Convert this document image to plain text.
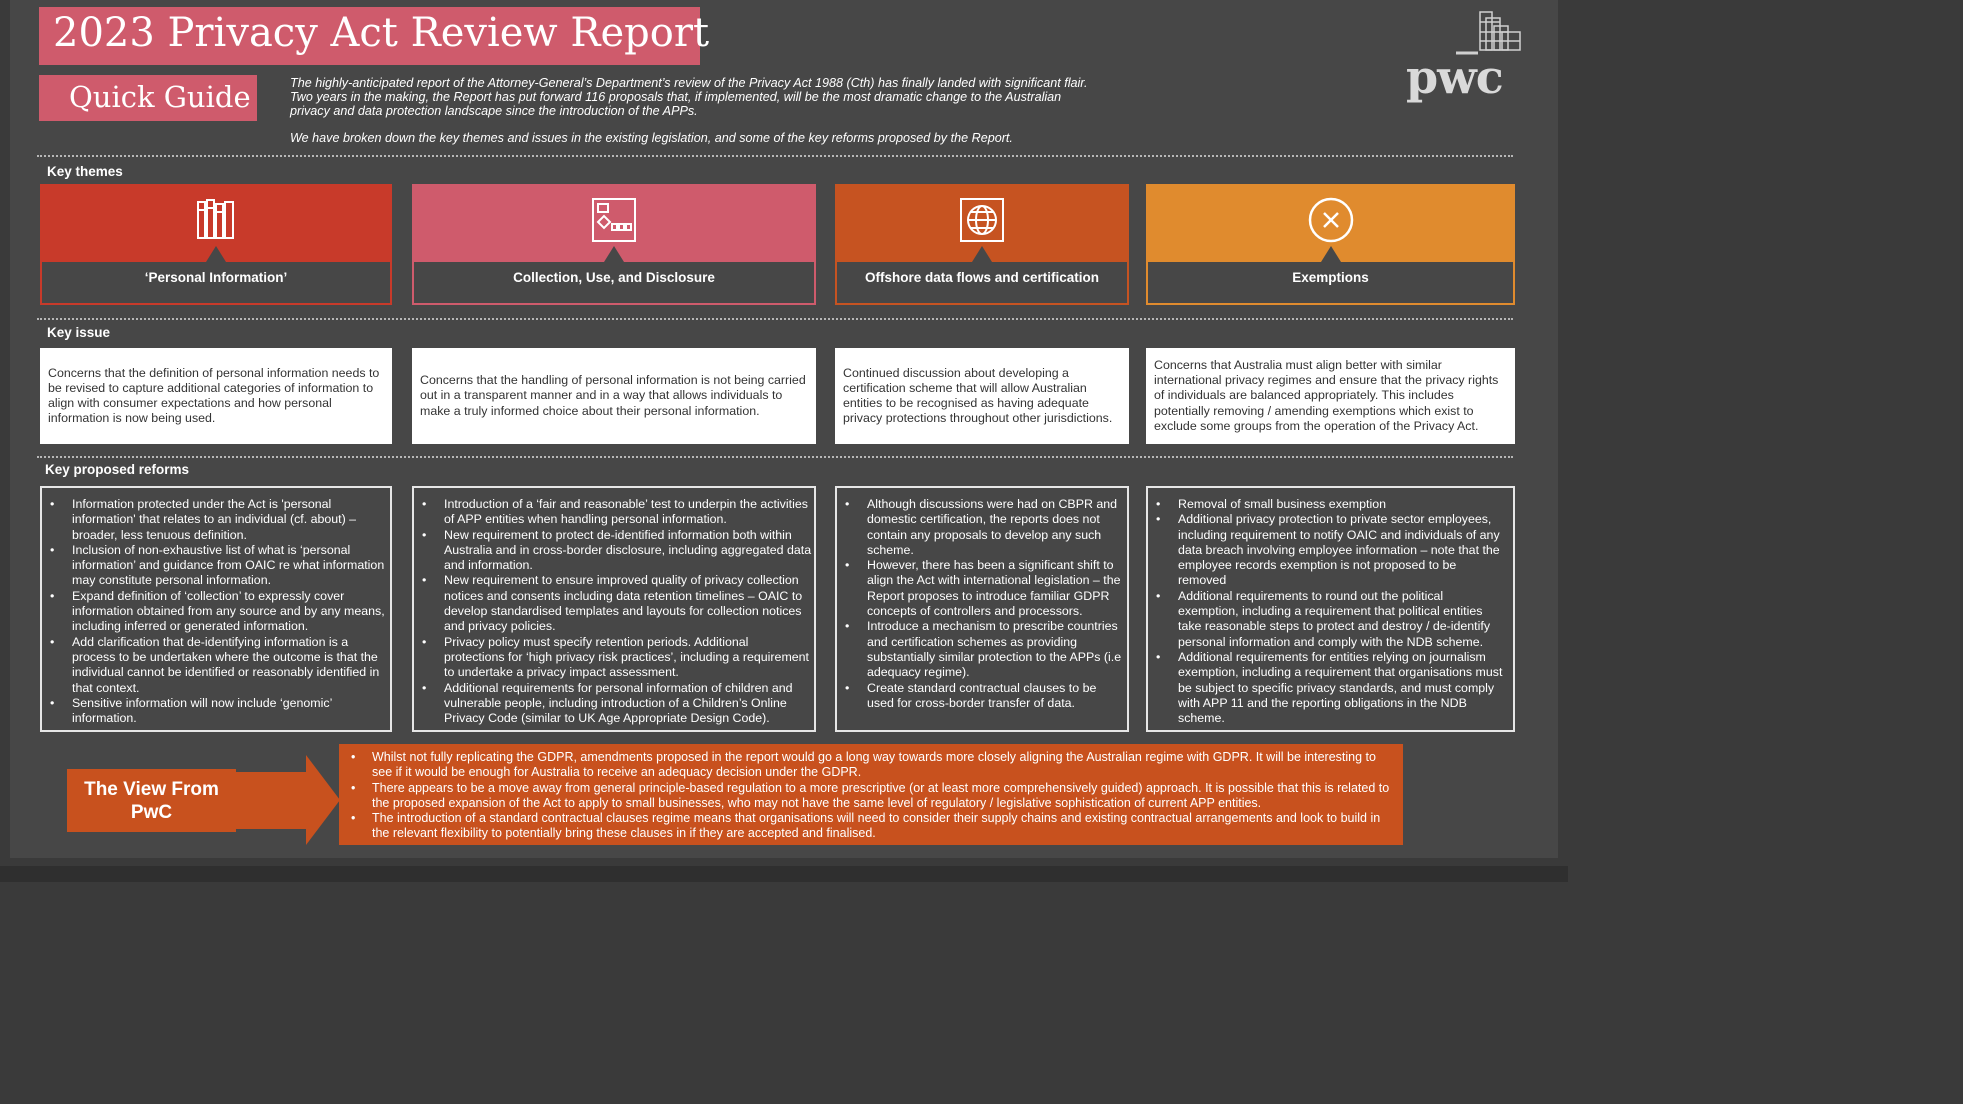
2023 Privacy Act Review Report
Quick Guide	The highly-anticipated report of the Attorney-General’s Department’s review of the Privacy Act 1988 (Cth) has finally landed with significant flair. Two years in the making, the Report has put forward 116 proposals that, if implemented, will be the most dramatic change to the Australian privacy and data protection landscape since the introduction of the APPs.

We have broken down the key themes and issues in the existing legislation, and some of the key reforms proposed by the Report.

pwc
Key themes
‘Personal Information’	Collection, Use, and Disclosure	Offshore data flows and certification	Exemptions
Key issue
Concerns that the definition of personal information needs to be revised to capture additional categories of information to align with consumer expectations and how personal information is now being used.
Concerns that the handling of personal information is not being carried out in a transparent manner and in a way that allows individuals to make a truly informed choice about their personal information.
Continued discussion about developing a certification scheme that will allow Australian entities to be recognised as having adequate privacy protections throughout other jurisdictions.
Concerns that Australia must align better with similar international privacy regimes and ensure that the privacy rights of individuals are balanced appropriately. This includes potentially removing / amending exemptions which exist to exclude some groups from the operation of the Privacy Act.
Key proposed reforms
• Information protected under the Act is 'personal information' that relates to an individual (cf. about) – broader, less tenuous definition.
• Inclusion of non-exhaustive list of what is ‘personal information’ and guidance from OAIC re what information may constitute personal information.
• Expand definition of ‘collection’ to expressly cover information obtained from any source and by any means, including inferred or generated information.
• Add clarification that de-identifying information is a process to be undertaken where the outcome is that the individual cannot be identified or reasonably identified in that context.
• Sensitive information will now include ‘genomic’ information.
• Introduction of a ‘fair and reasonable’ test to underpin the activities of APP entities when handling personal information.
• New requirement to protect de-identified information both within Australia and in cross-border disclosure, including aggregated data and information.
• New requirement to ensure improved quality of privacy collection notices and consents including data retention timelines – OAIC to develop standardised templates and layouts for collection notices and privacy policies.
• Privacy policy must specify retention periods. Additional protections for ‘high privacy risk practices’, including a requirement to undertake a privacy impact assessment.
• Additional requirements for personal information of children and vulnerable people, including introduction of a Children’s Online Privacy Code (similar to UK Age Appropriate Design Code).
• Although discussions were had on CBPR and domestic certification, the reports does not contain any proposals to develop any such scheme.
• However, there has been a significant shift to align the Act with international legislation – the Report proposes to introduce familiar GDPR concepts of controllers and processors.
• Introduce a mechanism to prescribe countries and certification schemes as providing substantially similar protection to the APPs (i.e adequacy regime).
• Create standard contractual clauses to be used for cross-border transfer of data.
• Removal of small business exemption
• Additional privacy protection to private sector employees, including requirement to notify OAIC and individuals of any data breach involving employee information – note that the employee records exemption is not proposed to be removed
• Additional requirements to round out the political exemption, including a requirement that political entities take reasonable steps to protect and destroy / de-identify personal information and comply with the NDB scheme.
• Additional requirements for entities relying on journalism exemption, including a requirement that organisations must be subject to specific privacy standards, and must comply with APP 11 and the reporting obligations in the NDB scheme.
The View From PwC
• Whilst not fully replicating the GDPR, amendments proposed in the report would go a long way towards more closely aligning the Australian regime with GDPR. It will be interesting to see if it would be enough for Australia to receive an adequacy decision under the GDPR.
• There appears to be a move away from general principle-based regulation to a more prescriptive (or at least more comprehensively guided) approach. It is possible that this is related to the proposed expansion of the Act to apply to small businesses, who may not have the same level of regulatory / legislative sophistication of current APP entities.
• The introduction of a standard contractual clauses regime means that organisations will need to consider their supply chains and existing contractual arrangements and look to build in the relevant flexibility to potentially bring these clauses in if they are accepted and finalised.
